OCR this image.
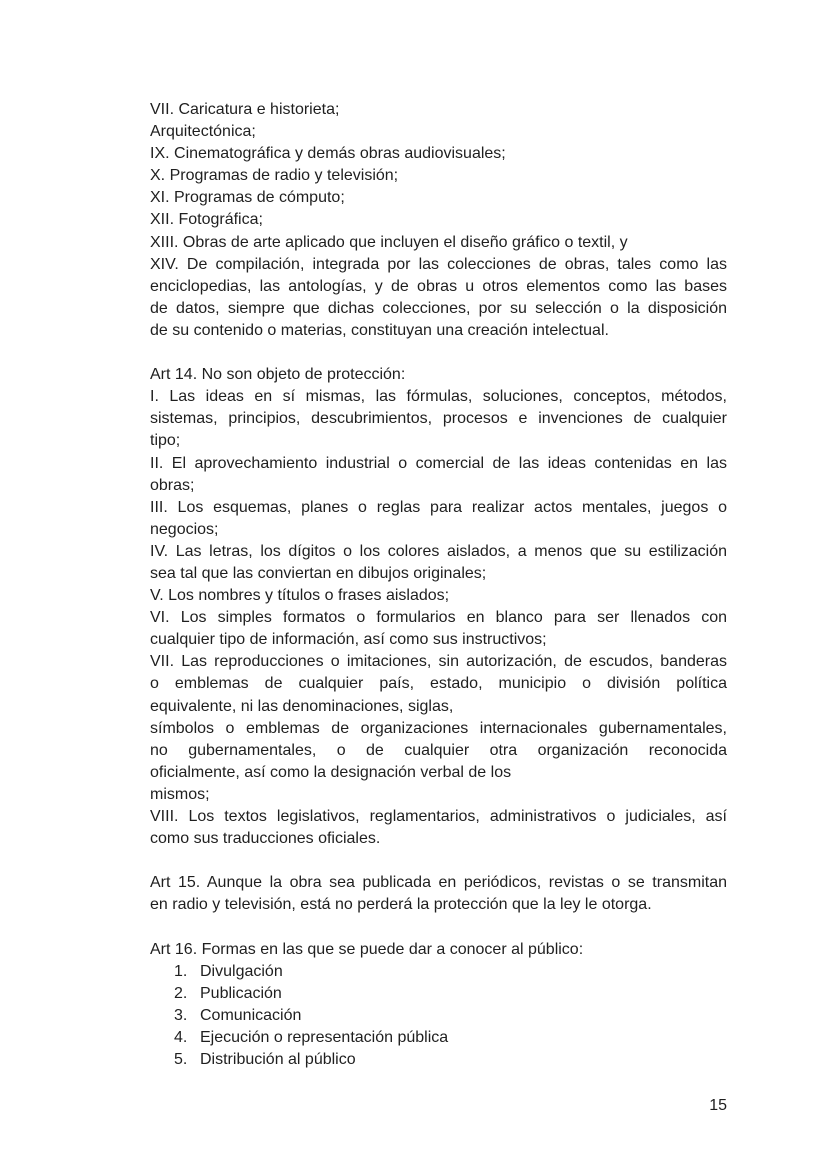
VII. Caricatura e historieta;
Arquitectónica;
IX. Cinematográfica y demás obras audiovisuales;
X. Programas de radio y televisión;
XI. Programas de cómputo;
XII. Fotográfica;
XIII. Obras de arte aplicado que incluyen el diseño gráfico o textil, y
XIV. De compilación, integrada por las colecciones de obras, tales como las
enciclopedias, las antologías, y de obras u otros elementos como las bases
de datos, siempre que dichas colecciones, por su selección o la disposición
de su contenido o materias, constituyan una creación intelectual.
Art 14. No son objeto de protección:
I. Las ideas en sí mismas, las fórmulas, soluciones, conceptos, métodos,
sistemas, principios, descubrimientos, procesos e invenciones de cualquier
tipo;
II. El aprovechamiento industrial o comercial de las ideas contenidas en las
obras;
III. Los esquemas, planes o reglas para realizar actos mentales, juegos o
negocios;
IV. Las letras, los dígitos o los colores aislados, a menos que su estilización
sea tal que las conviertan en dibujos originales;
V. Los nombres y títulos o frases aislados;
VI. Los simples formatos o formularios en blanco para ser llenados con
cualquier tipo de información, así como sus instructivos;
VII. Las reproducciones o imitaciones, sin autorización, de escudos, banderas
o emblemas de cualquier país, estado, municipio o división política
equivalente, ni las denominaciones, siglas,
símbolos o emblemas de organizaciones internacionales gubernamentales,
no gubernamentales, o de cualquier otra organización reconocida
oficialmente, así como la designación verbal de los
mismos;
VIII. Los textos legislativos, reglamentarios, administrativos o judiciales, así
como sus traducciones oficiales.
Art 15. Aunque la obra sea publicada en periódicos, revistas o se transmitan
en radio y televisión, está no perderá la protección que la ley le otorga.
Art 16. Formas en las que se puede dar a conocer al público:
1. Divulgación
2. Publicación
3. Comunicación
4. Ejecución o representación pública
5. Distribución al público
15
